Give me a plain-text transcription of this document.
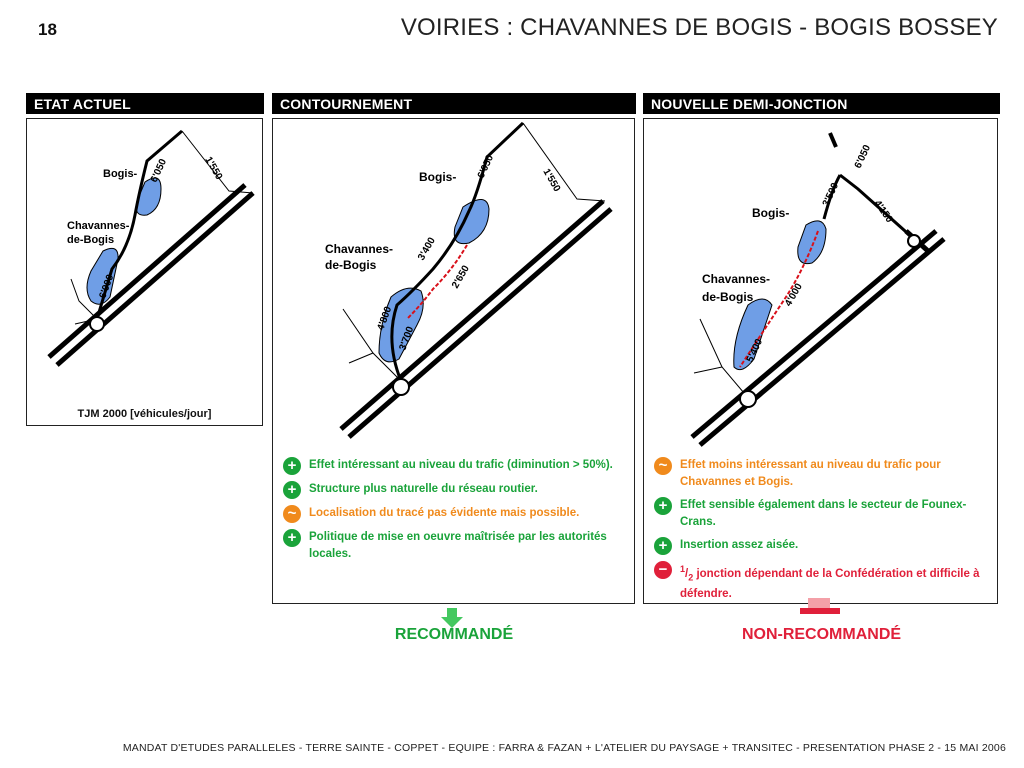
18	VOIRIES : CHAVANNES DE BOGIS - BOGIS BOSSEY
ETAT ACTUEL
Bogis-
Chavannes-
de-Bogis
6'050	1'550
6'000
TJM 2000 [véhicules/jour]
CONTOURNEMENT
Bogis-
Chavannes-
de-Bogis
6'050
1'550
3'400
2'650
4'800
3'700
+	Effet intéressant au niveau du trafic (diminution > 50%).
+	Structure plus naturelle du réseau routier.
~	Localisation du tracé pas évidente mais possible.
+	Politique de mise en oeuvre maîtrisée par les autorités locales.
RECOMMANDÉ
NOUVELLE DEMI-JONCTION
Bogis-
Chavannes-
de-Bogis
6'050
3'500
4'150
4'000
5'400
~	Effet moins intéressant au niveau du trafic pour Chavannes et Bogis.
+	Effet sensible également dans le secteur de Founex-Crans.
+	Insertion assez aisée.
−	$^1/_2$ jonction dépendant de la Confédération et difficile à défendre.
NON-RECOMMANDÉ
MANDAT D'ETUDES PARALLELES - TERRE SAINTE - COPPET - EQUIPE : FARRA & FAZAN + L'ATELIER DU PAYSAGE + TRANSITEC - PRESENTATION PHASE 2 - 15 MAI 2006
